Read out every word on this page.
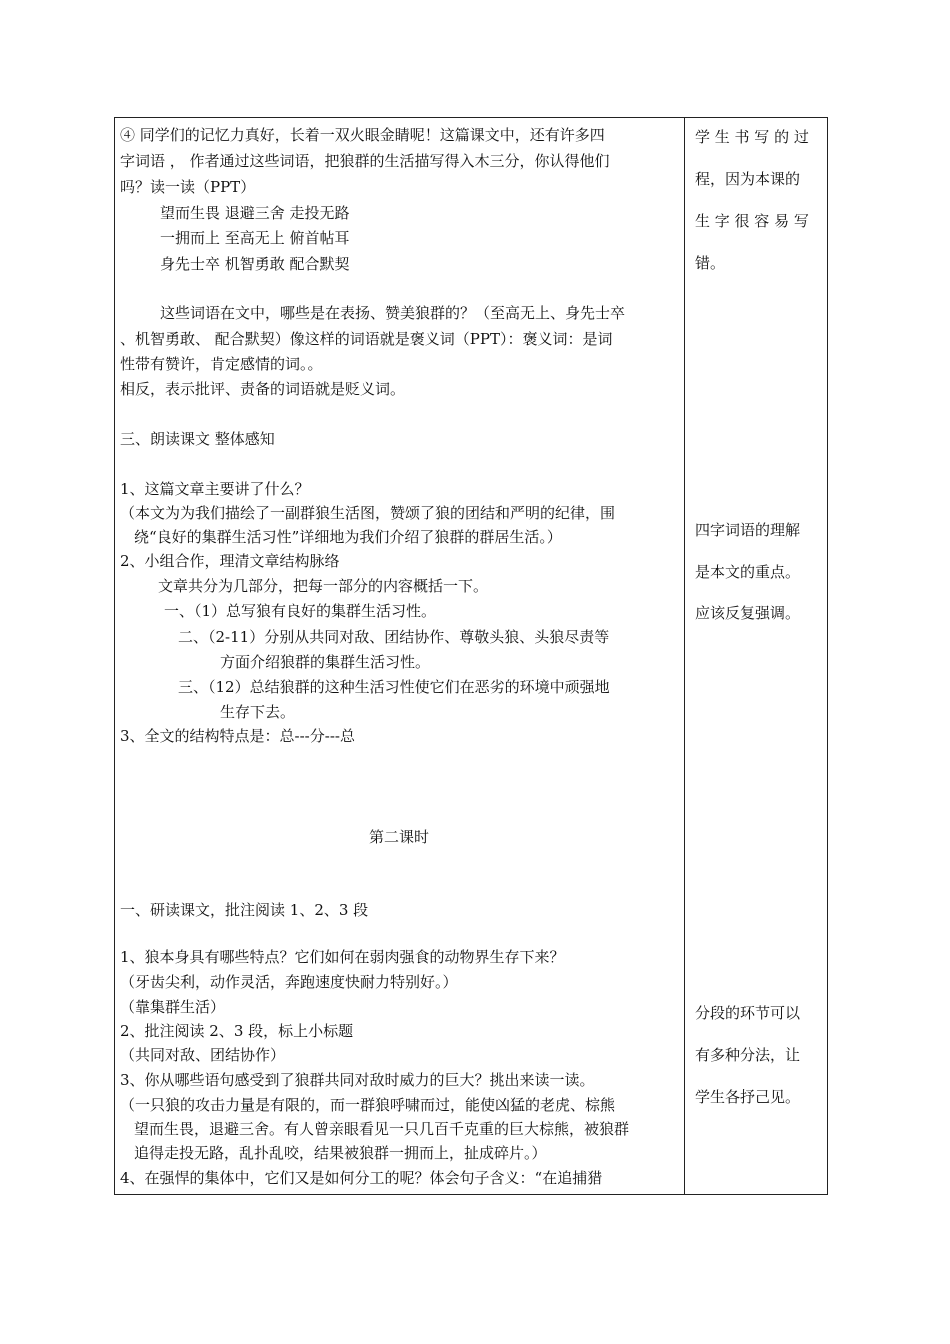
第二课时
④ 同学们的记忆力真好，长着一双火眼金睛呢！这篇课文中，还有许多四
字词语 ， 作者通过这些词语，把狼群的生活描写得入木三分，你认得他们
吗？读一读（PPT）
望而生畏 退避三舍 走投无路
一拥而上 至高无上 俯首帖耳
身先士卒 机智勇敢 配合默契
这些词语在文中，哪些是在表扬、赞美狼群的？（至高无上、身先士卒
、机智勇敢、 配合默契）像这样的词语就是褒义词（PPT）：褒义词：是词
性带有赞许，肯定感情的词。。
相反，表示批评、责备的词语就是贬义词。
三、朗读课文 整体感知
1、这篇文章主要讲了什么？
（本文为为我们描绘了一副群狼生活图，赞颂了狼的团结和严明的纪律，围
绕“良好的集群生活习性”详细地为我们介绍了狼群的群居生活。）
2、小组合作，理清文章结构脉络
文章共分为几部分，把每一部分的内容概括一下。
一、（1）总写狼有良好的集群生活习性。
二、（2-11）分别从共同对敌、团结协作、尊敬头狼、头狼尽责等
方面介绍狼群的集群生活习性。
三、（12）总结狼群的这种生活习性使它们在恶劣的环境中顽强地
生存下去。
3、全文的结构特点是：总---分---总
一、研读课文，批注阅读 1、2、3 段
1、狼本身具有哪些特点？它们如何在弱肉强食的动物界生存下来？
（牙齿尖利，动作灵活，奔跑速度快耐力特别好。）
（靠集群生活）
2、批注阅读 2、3 段，标上小标题
（共同对敌、团结协作）
3、你从哪些语句感受到了狼群共同对敌时威力的巨大？挑出来读一读。
（一只狼的攻击力量是有限的，而一群狼呼啸而过，能使凶猛的老虎、棕熊
望而生畏，退避三舍。有人曾亲眼看见一只几百千克重的巨大棕熊，被狼群
追得走投无路，乱扑乱咬，结果被狼群一拥而上，扯成碎片。）
4、在强悍的集体中，它们又是如何分工的呢？体会句子含义：“在追捕猎
学 生 书 写 的 过
程，因为本课的
生 字 很 容 易 写
错。
四字词语的理解
是本文的重点。
应该反复强调。
分段的环节可以
有多种分法，让
学生各抒己见。
